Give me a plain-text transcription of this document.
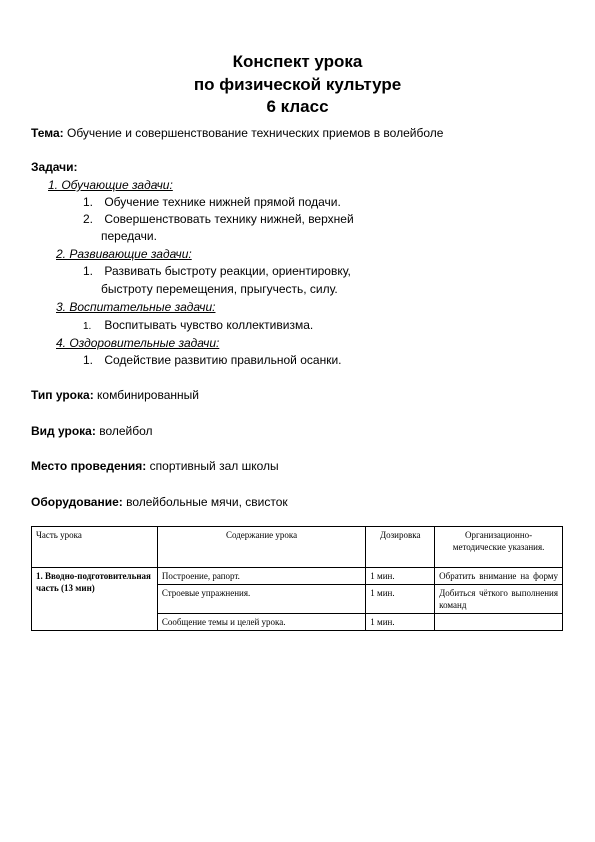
Конспект урока
по физической культуре
6 класс
Тема: Обучение и совершенствование технических приемов в волейболе
Задачи:
1. Обучающие задачи:
1. Обучение технике нижней прямой подачи.
2. Совершенствовать технику нижней, верхней
передачи.
2. Развивающие задачи:
1. Развивать быстроту реакции, ориентировку,
быстроту перемещения, прыгучесть, силу.
3. Воспитательные задачи:
1. Воспитывать чувство коллективизма.
4. Оздоровительные задачи:
1. Содействие развитию правильной осанки.
Тип урока: комбинированный
Вид урока: волейбол
Место проведения: спортивный зал школы
Оборудование: волейбольные мячи, свисток
Часть урока	Содержание урока	Дозировка	Организационно-методические указания.
1. Вводно-подготовительная часть (13 мин)	Построение, рапорт.	1 мин.	Обратить внимание на форму
	Строевые упражнения.	1 мин.	Добиться чёткого выполнения команд
	Сообщение темы и целей урока.	1 мин.	
